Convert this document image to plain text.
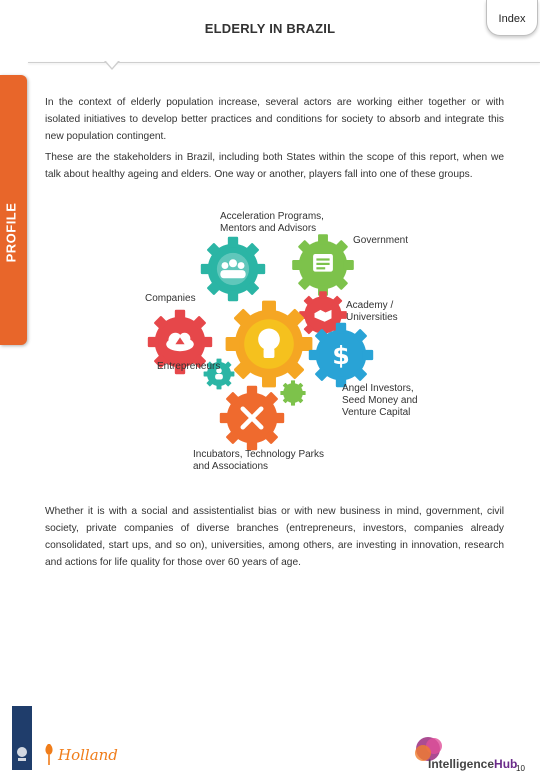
ELDERLY IN BRAZIL
Index
PROFILE

In the context of elderly population increase, several actors are working either together or with isolated initiatives to develop better practices and conditions for society to absorb and integrate this new population contingent.

These are the stakeholders in Brazil, including both States within the scope of this report, when we talk about healthy ageing and elders. One way or another, players fall into one of these groups.

$
Acceleration Programs,
Mentors and Advisors
Government
Companies
Academy /
Universities
Entrepreneurs
Angel Investors,
Seed Money and
Venture Capital
Incubators, Technology Parks
and Associations

Whether it is with a social and assistentialist bias or with new business in mind, government, civil society, private companies of diverse branches (entrepreneurs, investors, companies already consolidated, start ups, and so on), universities, among others, are investing in innovation, research and actions for life quality for those over 60 years of age.

Holland	IntelligenceHub
10
